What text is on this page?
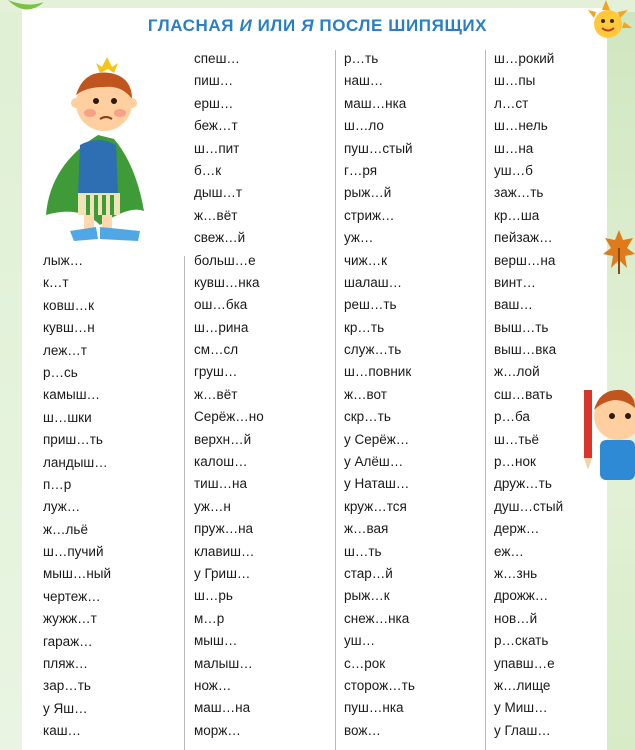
ГЛАСНАЯ И ИЛИ Я ПОСЛЕ ШИПЯЩИХ
лыж…
к…т
ковш…к
кувш…н
леж…т
р…сь
камыш…
ш…шки
приш…ть
ландыш…
п…р
луж…
ж…льё
ш…пучий
мыш…ный
чертеж…
жужж…т
гараж…
пляж…
зар…ть
у Яш…
каш…
спеш…
пиш…
ерш…
беж…т
ш…пит
б…к
дыш…т
ж…вёт
свеж…й
больш…е
кувш…нка
ош…бка
ш…рина
см…сл
груш…
ж…вёт
Серёж…но
верхн…й
калош…
тиш…на
уж…н
пруж…на
клавиш…
у Гриш…
ш…рь
м…р
мыш…
малыш…
нож…
маш…на
морж…
р…ть
наш…
маш…нка
ш…ло
пуш…стый
г…ря
рыж…й
стриж…
уж…
чиж…к
шалаш…
реш…ть
кр…ть
служ…ть
ш…повник
ж…вот
скр…ть
у Серёж…
у Алёш…
у Наташ…
круж…тся
ж…вая
ш…ть
стар…й
рыж…к
снеж…нка
уш…
с…рок
сторож…ть
пуш…нка
вож…
ш…рокий
ш…пы
л…ст
ш…нель
ш…на
уш…б
заж…ть
кр…ша
пейзаж…
верш…на
винт…
ваш…
выш…ть
выш…вка
ж…лой
сш…вать
р…ба
ш…тьё
р…нок
друж…ть
душ…стый
держ…
еж…
ж…знь
дрожж…
нов…й
р…скать
упавш…е
ж…лище
у Миш…
у Глаш…
